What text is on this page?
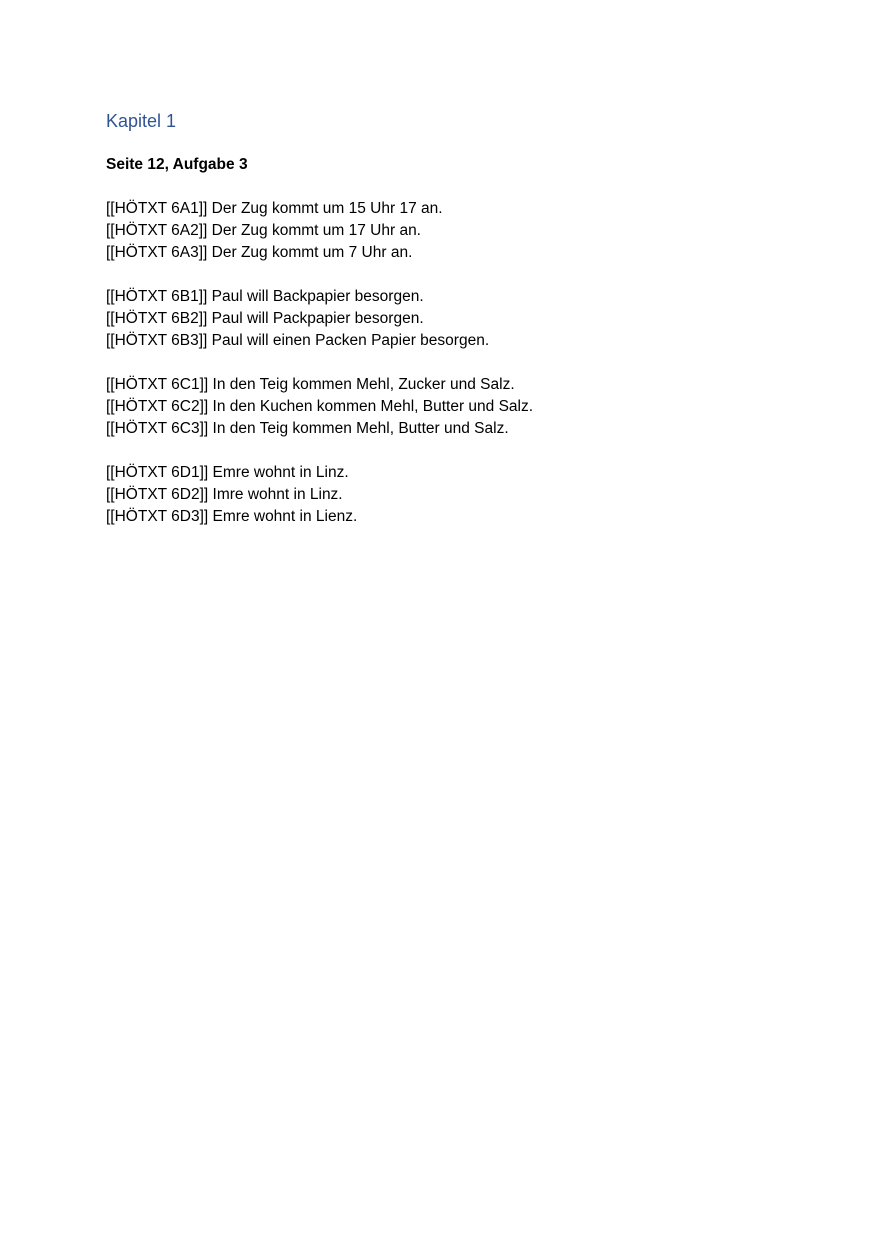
Kapitel 1
Seite 12, Aufgabe 3
[[HÖTXT 6A1]] Der Zug kommt um 15 Uhr 17 an.
[[HÖTXT 6A2]] Der Zug kommt um 17 Uhr an.
[[HÖTXT 6A3]] Der Zug kommt um 7 Uhr an.
[[HÖTXT 6B1]] Paul will Backpapier besorgen.
[[HÖTXT 6B2]] Paul will Packpapier besorgen.
[[HÖTXT 6B3]] Paul will einen Packen Papier besorgen.
[[HÖTXT 6C1]] In den Teig kommen Mehl, Zucker und Salz.
[[HÖTXT 6C2]] In den Kuchen kommen Mehl, Butter und Salz.
[[HÖTXT 6C3]] In den Teig kommen Mehl, Butter und Salz.
[[HÖTXT 6D1]] Emre wohnt in Linz.
[[HÖTXT 6D2]] Imre wohnt in Linz.
[[HÖTXT 6D3]] Emre wohnt in Lienz.
